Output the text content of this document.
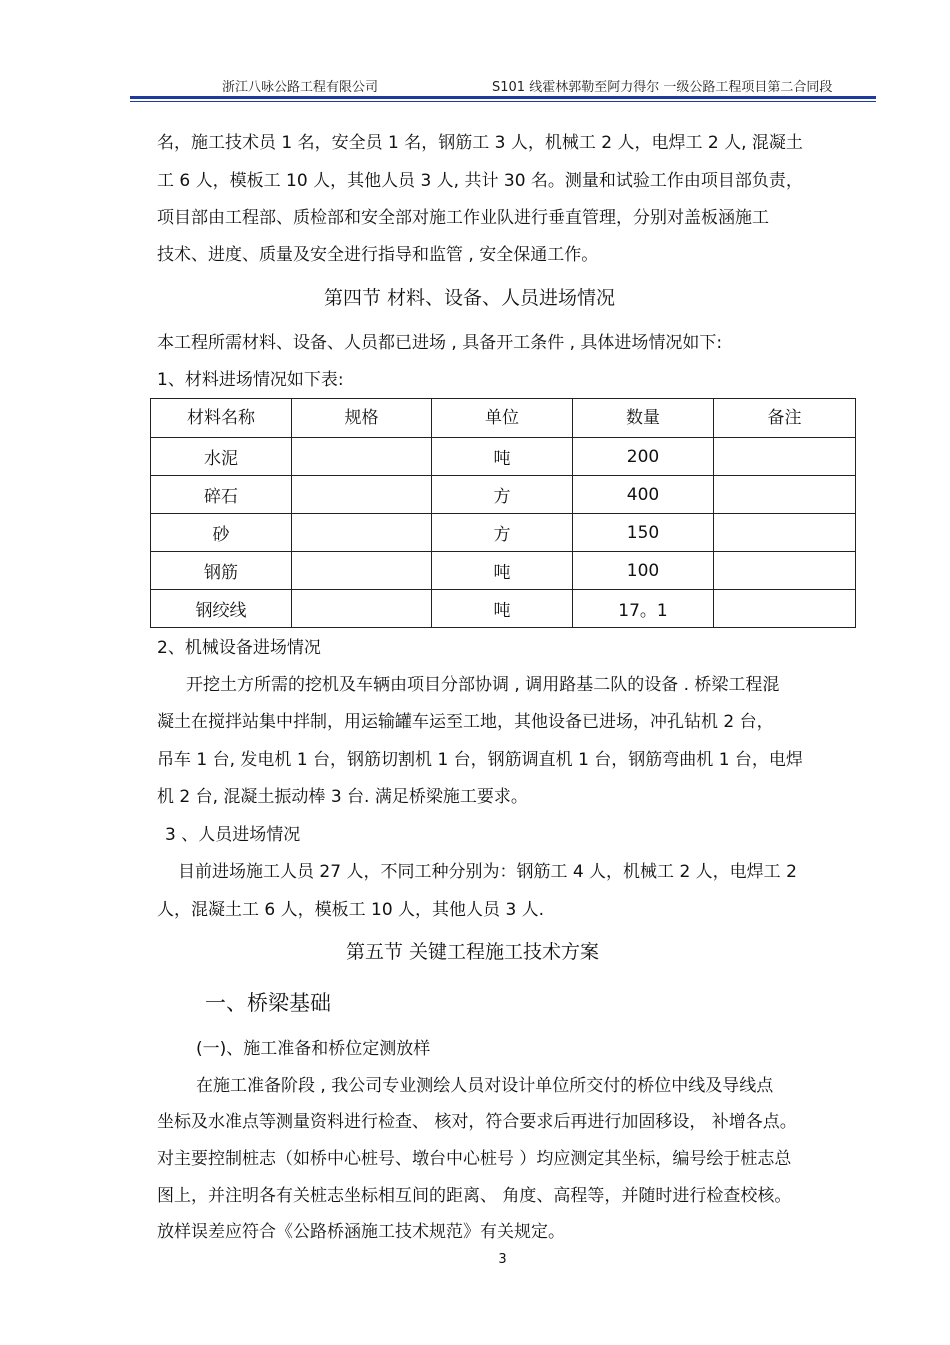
浙江八咏公路工程有限公司	S101 线霍林郭勒至阿力得尔 一级公路工程项目第二合同段
名，施工技术员 1 名，安全员 1 名，钢筋工 3 人，机械工 2 人，电焊工 2 人, 混凝土
工 6 人，模板工 10 人，其他人员 3 人, 共计 30 名。测量和试验工作由项目部负责，
项目部由工程部、质检部和安全部对施工作业队进行垂直管理，分别对盖板涵施工
技术、进度、质量及安全进行指导和监管 , 安全保通工作。
第四节 材料、设备、人员进场情况
本工程所需材料、设备、人员都已进场 , 具备开工条件 , 具体进场情况如下:
1、材料进场情况如下表:
材料名称	规格	单位	数量	备注
水泥		吨	200	
碎石		方	400	
砂		方	150	
钢筋		吨	100	
钢绞线		吨	17。1	
2、机械设备进场情况
开挖土方所需的挖机及车辆由项目分部协调 , 调用路基二队的设备 . 桥梁工程混
凝土在搅拌站集中拌制，用运输罐车运至工地，其他设备已进场，冲孔钻机 2 台，
吊车 1 台, 发电机 1 台，钢筋切割机 1 台，钢筋调直机 1 台，钢筋弯曲机 1 台，电焊
机 2 台, 混凝土振动棒 3 台. 满足桥梁施工要求。
3 、人员进场情况
目前进场施工人员 27 人，不同工种分别为：钢筋工 4 人，机械工 2 人，电焊工 2
人，混凝土工 6 人，模板工 10 人，其他人员 3 人.
第五节 关键工程施工技术方案
一、桥梁基础
(一)、施工准备和桥位定测放样
在施工准备阶段 , 我公司专业测绘人员对设计单位所交付的桥位中线及导线点
坐标及水准点等测量资料进行检查、 核对，符合要求后再进行加固移设， 补增各点。
对主要控制桩志（如桥中心桩号、墩台中心桩号 ）均应测定其坐标，编号绘于桩志总
图上，并注明各有关桩志坐标相互间的距离、 角度、高程等，并随时进行检查校核。
放样误差应符合《公路桥涵施工技术规范》有关规定。
3
